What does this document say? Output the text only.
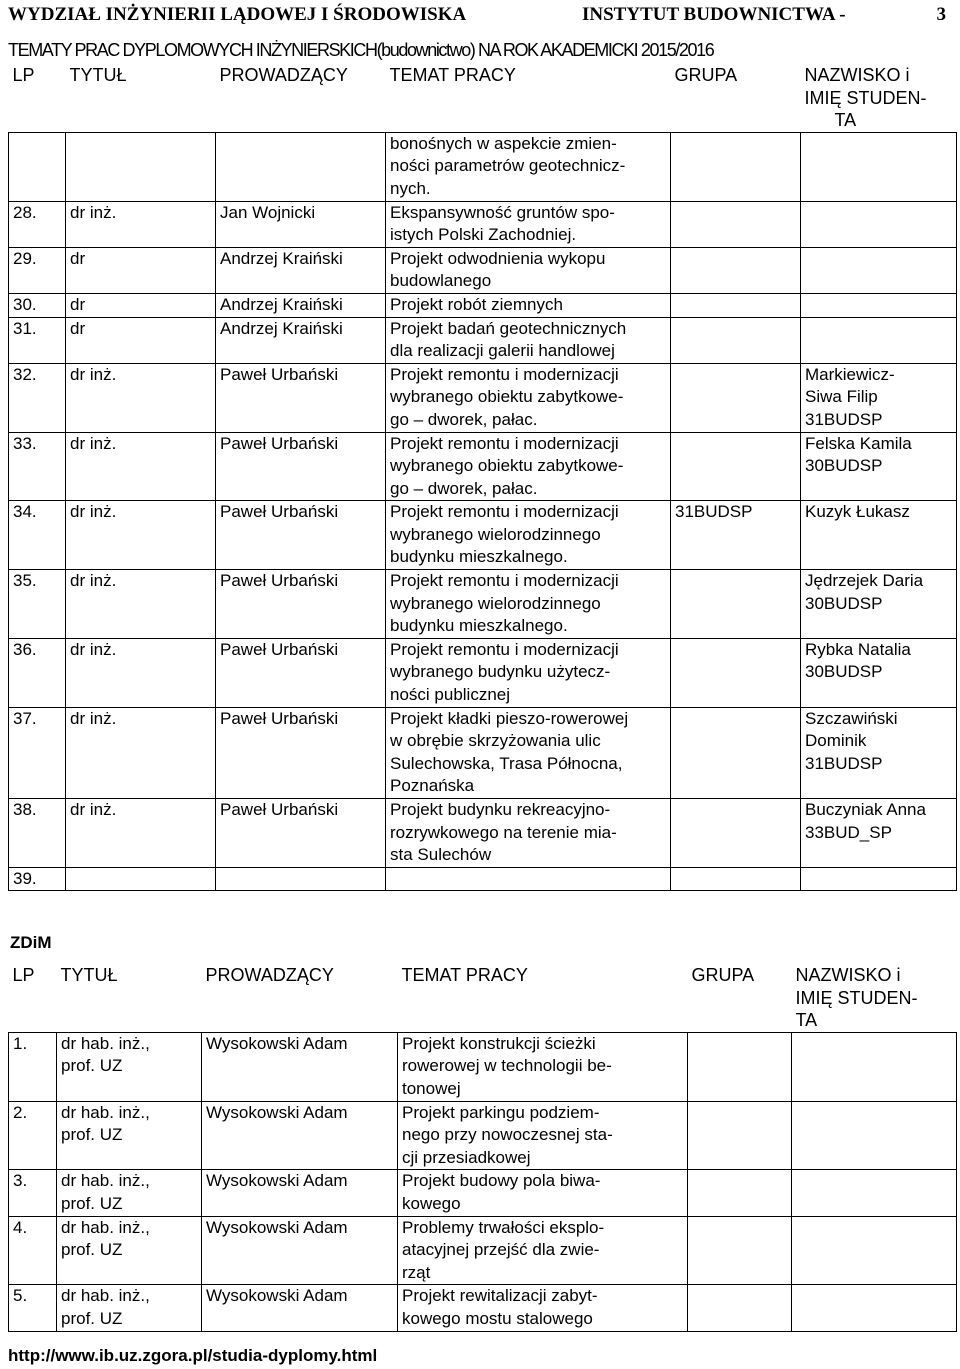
WYDZIAŁ INŻYNIERII LĄDOWEJ I ŚRODOWISKA	INSTYTUT BUDOWNICTWA -	3
TEMATY PRAC DYPLOMOWYCH INŻYNIERSKICH(budownictwo) NA ROK AKADEMICKI 2015/2016
LP	TYTUŁ	PROWADZĄCY	TEMAT PRACY	GRUPA	NAZWISKO i
IMIĘ STUDEN-
TA

			bonośnych w aspekcie zmien-
ności parametrów geotechnicz-
nych.		

28.	dr inż.	Jan Wojnicki	Ekspansywność gruntów spo-
istych Polski Zachodniej.		

29.	dr	Andrzej Kraiński	Projekt odwodnienia wykopu
budowlanego		

30.	dr	Andrzej Kraiński	Projekt robót ziemnych		

31.	dr	Andrzej Kraiński	Projekt badań geotechnicznych
dla realizacji galerii handlowej		

32.	dr inż.	Paweł Urbański	Projekt remontu i modernizacji
wybranego obiektu zabytkowe-
go – dworek, pałac.		Markiewicz-
Siwa Filip
31BUDSP

33.	dr inż.	Paweł Urbański	Projekt remontu i modernizacji
wybranego obiektu zabytkowe-
go – dworek, pałac.		Felska Kamila
30BUDSP

34.	dr inż.	Paweł Urbański	Projekt remontu i modernizacji
wybranego wielorodzinnego
budynku mieszkalnego.	31BUDSP	Kuzyk Łukasz

35.	dr inż.	Paweł Urbański	Projekt remontu i modernizacji
wybranego wielorodzinnego
budynku mieszkalnego.		Jędrzejek Daria
30BUDSP

36.	dr inż.	Paweł Urbański	Projekt remontu i modernizacji
wybranego budynku użytecz-
ności publicznej		Rybka Natalia
30BUDSP

37.	dr inż.	Paweł Urbański	Projekt kładki pieszo-rowerowej
w obrębie skrzyżowania ulic
Sulechowska, Trasa Północna,
Poznańska		Szczawiński
Dominik
31BUDSP

38.	dr inż.	Paweł Urbański	Projekt budynku rekreacyjno-
rozrywkowego na terenie mia-
sta Sulechów		Buczyniak Anna
33BUD_SP

39.					
ZDiM
LP	TYTUŁ	PROWADZĄCY	TEMAT PRACY	GRUPA	NAZWISKO i
IMIĘ STUDEN-
TA

1.	dr hab. inż.,
prof. UZ	Wysokowski Adam	Projekt konstrukcji ścieżki
rowerowej w technologii be-
tonowej		

2.	dr hab. inż.,
prof. UZ	Wysokowski Adam	Projekt parkingu podziem-
nego przy nowoczesnej sta-
cji przesiadkowej		

3.	dr hab. inż.,
prof. UZ	Wysokowski Adam	Projekt budowy pola biwa-
kowego		

4.	dr hab. inż.,
prof. UZ	Wysokowski Adam	Problemy trwałości eksplo-
atacyjnej przejść dla zwie-
rząt		

5.	dr hab. inż.,
prof. UZ	Wysokowski Adam	Projekt rewitalizacji zabyt-
kowego mostu stalowego		

http://www.ib.uz.zgora.pl/studia-dyplomy.html
